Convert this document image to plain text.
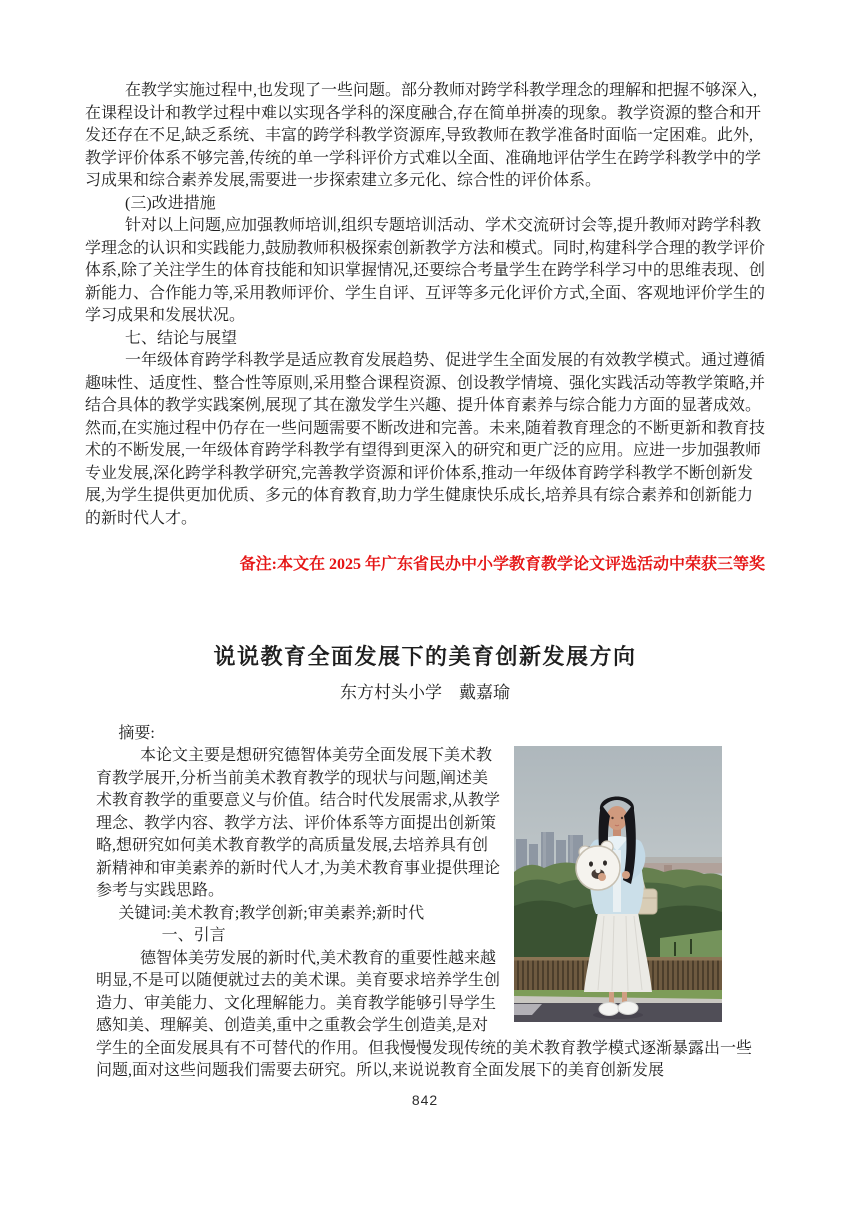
在教学实施过程中,也发现了一些问题。部分教师对跨学科教学理念的理解和把握不够深入,在课程设计和教学过程中难以实现各学科的深度融合,存在简单拼凑的现象。教学资源的整合和开发还存在不足,缺乏系统、丰富的跨学科教学资源库,导致教师在教学准备时面临一定困难。此外,教学评价体系不够完善,传统的单一学科评价方式难以全面、准确地评估学生在跨学科教学中的学习成果和综合素养发展,需要进一步探索建立多元化、综合性的评价体系。

(三)改进措施

针对以上问题,应加强教师培训,组织专题培训活动、学术交流研讨会等,提升教师对跨学科教学理念的认识和实践能力,鼓励教师积极探索创新教学方法和模式。同时,构建科学合理的教学评价体系,除了关注学生的体育技能和知识掌握情况,还要综合考量学生在跨学科学习中的思维表现、创新能力、合作能力等,采用教师评价、学生自评、互评等多元化评价方式,全面、客观地评价学生的学习成果和发展状况。

七、结论与展望

一年级体育跨学科教学是适应教育发展趋势、促进学生全面发展的有效教学模式。通过遵循趣味性、适度性、整合性等原则,采用整合课程资源、创设教学情境、强化实践活动等教学策略,并结合具体的教学实践案例,展现了其在激发学生兴趣、提升体育素养与综合能力方面的显著成效。然而,在实施过程中仍存在一些问题需要不断改进和完善。未来,随着教育理念的不断更新和教育技术的不断发展,一年级体育跨学科教学有望得到更深入的研究和更广泛的应用。应进一步加强教师专业发展,深化跨学科教学研究,完善教学资源和评价体系,推动一年级体育跨学科教学不断创新发展,为学生提供更加优质、多元的体育教育,助力学生健康快乐成长,培养具有综合素养和创新能力的新时代人才。

备注:本文在 2025 年广东省民办中小学教育教学论文评选活动中荣获三等奖

说说教育全面发展下的美育创新发展方向
东方村头小学　戴嘉瑜

摘要:

本论文主要是想研究德智体美劳全面发展下美术教育教学展开,分析当前美术教育教学的现状与问题,阐述美术教育教学的重要意义与价值。结合时代发展需求,从教学理念、教学内容、教学方法、评价体系等方面提出创新策略,想研究如何美术教育教学的高质量发展,去培养具有创新精神和审美素养的新时代人才,为美术教育事业提供理论参考与实践思路。

关键词:美术教育;教学创新;审美素养;新时代

一、引言

德智体美劳发展的新时代,美术教育的重要性越来越明显,不是可以随便就过去的美术课。美育要求培养学生创造力、审美能力、文化理解能力。美育教学能够引导学生感知美、理解美、创造美,重中之重教会学生创造美,是对学生的全面发展具有不可替代的作用。但我慢慢发现传统的美术教育教学模式逐渐暴露出一些问题,面对这些问题我们需要去研究。所以,来说说教育全面发展下的美育创新发展

842
